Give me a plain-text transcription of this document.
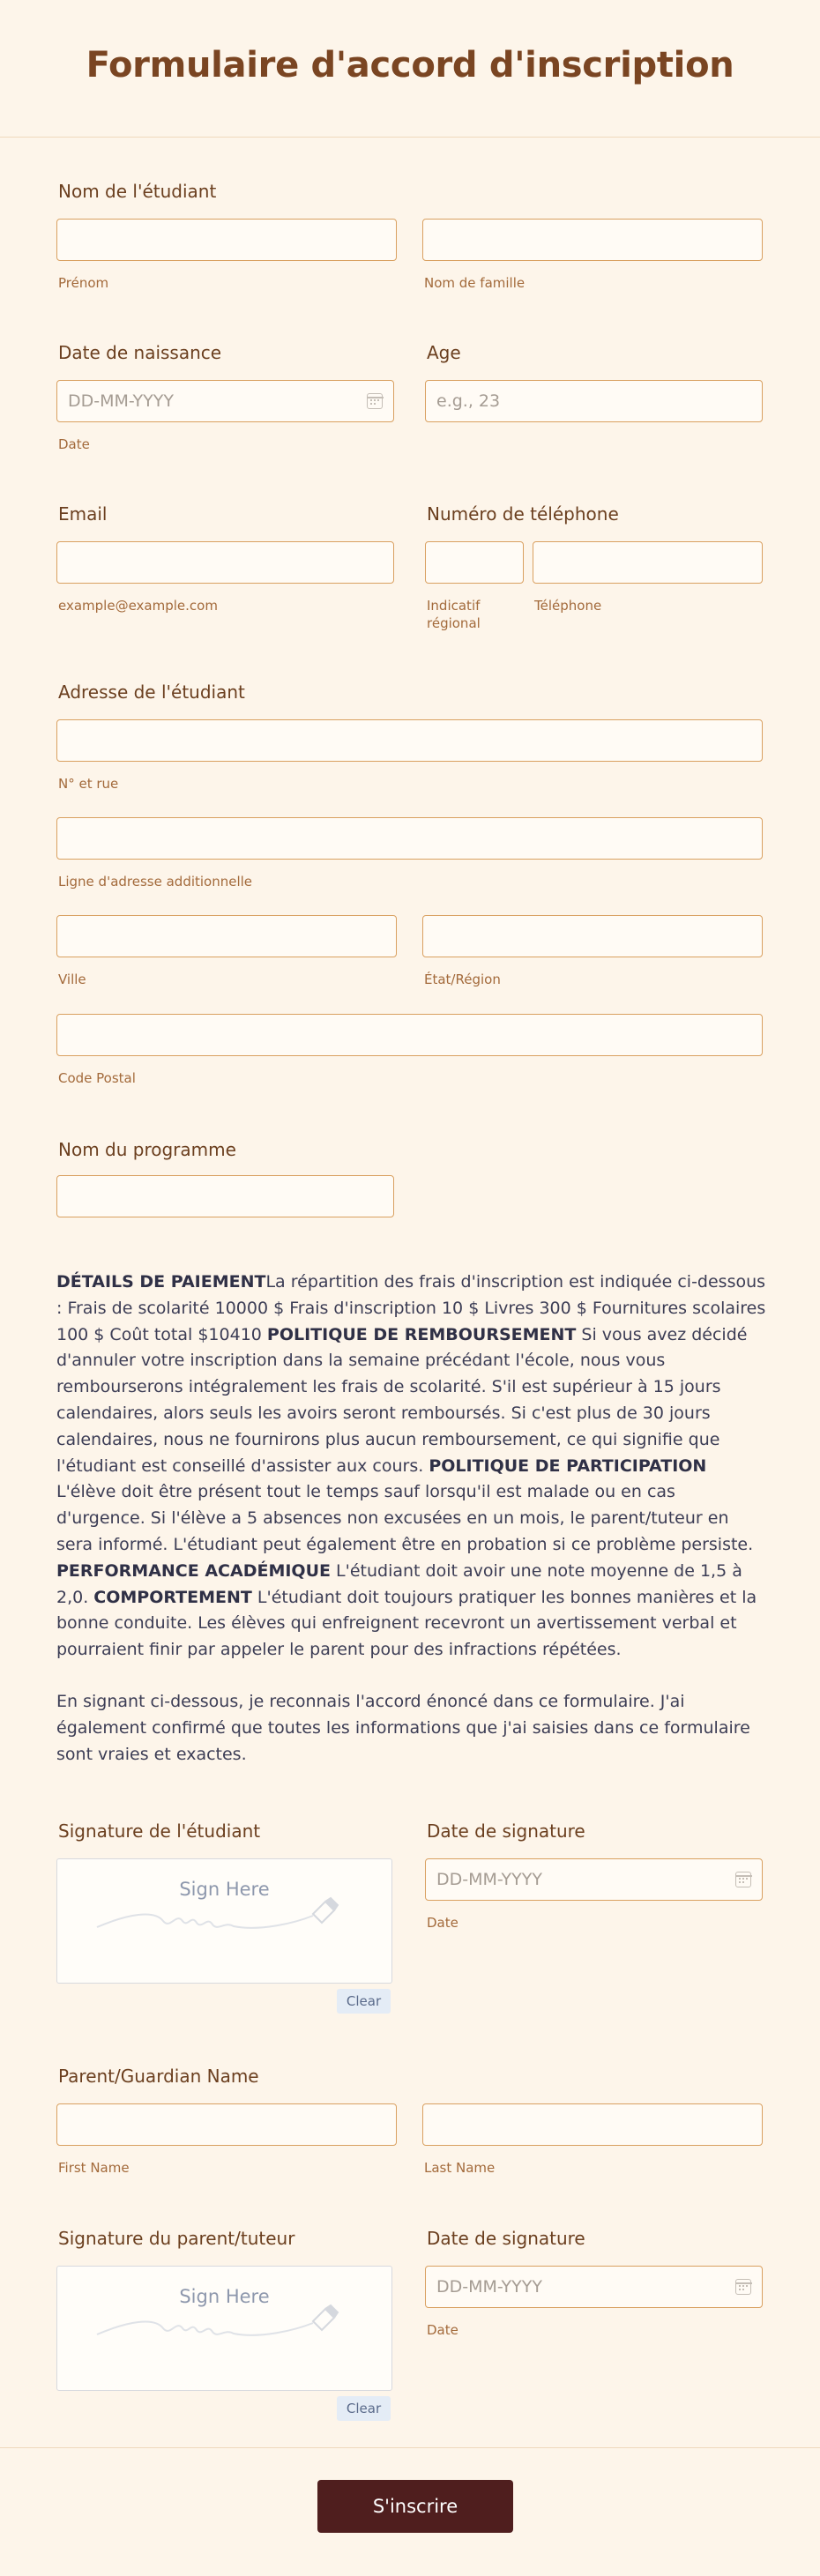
Formulaire d'accord d'inscription
Nom de l'étudiant
Prénom	Nom de famille
Date de naissance
DD-MM-YYYY
Date
Age
e.g., 23
Email
example@example.com
Numéro de téléphone
Indicatif
régional
Téléphone
Adresse de l'étudiant
N° et rue
Ligne d'adresse additionnelle
Ville	État/Région
Code Postal
Nom du programme
DÉTAILS DE PAIEMENTLa répartition des frais d'inscription est indiquée ci-dessous : Frais de scolarité 10000 $ Frais d'inscription 10 $ Livres 300 $ Fournitures scolaires 100 $ Coût total $10410 POLITIQUE DE REMBOURSEMENT Si vous avez décidé d'annuler votre inscription dans la semaine précédant l'école, nous vous rembourserons intégralement les frais de scolarité. S'il est supérieur à 15 jours calendaires, alors seuls les avoirs seront remboursés. Si c'est plus de 30 jours calendaires, nous ne fournirons plus aucun remboursement, ce qui signifie que l'étudiant est conseillé d'assister aux cours. POLITIQUE DE PARTICIPATION L'élève doit être présent tout le temps sauf lorsqu'il est malade ou en cas d'urgence. Si l'élève a 5 absences non excusées en un mois, le parent/tuteur en sera informé. L'étudiant peut également être en probation si ce problème persiste. PERFORMANCE ACADÉMIQUE L'étudiant doit avoir une note moyenne de 1,5 à 2,0. COMPORTEMENT L'étudiant doit toujours pratiquer les bonnes manières et la bonne conduite. Les élèves qui enfreignent recevront un avertissement verbal et pourraient finir par appeler le parent pour des infractions répétées.
En signant ci-dessous, je reconnais l'accord énoncé dans ce formulaire. J'ai également confirmé que toutes les informations que j'ai saisies dans ce formulaire sont vraies et exactes.
Signature de l'étudiant
Sign Here
Clear
Date de signature
DD-MM-YYYY
Date
Parent/Guardian Name
First Name	Last Name
Signature du parent/tuteur
Sign Here
Clear
Date de signature
DD-MM-YYYY
Date
S'inscrire
